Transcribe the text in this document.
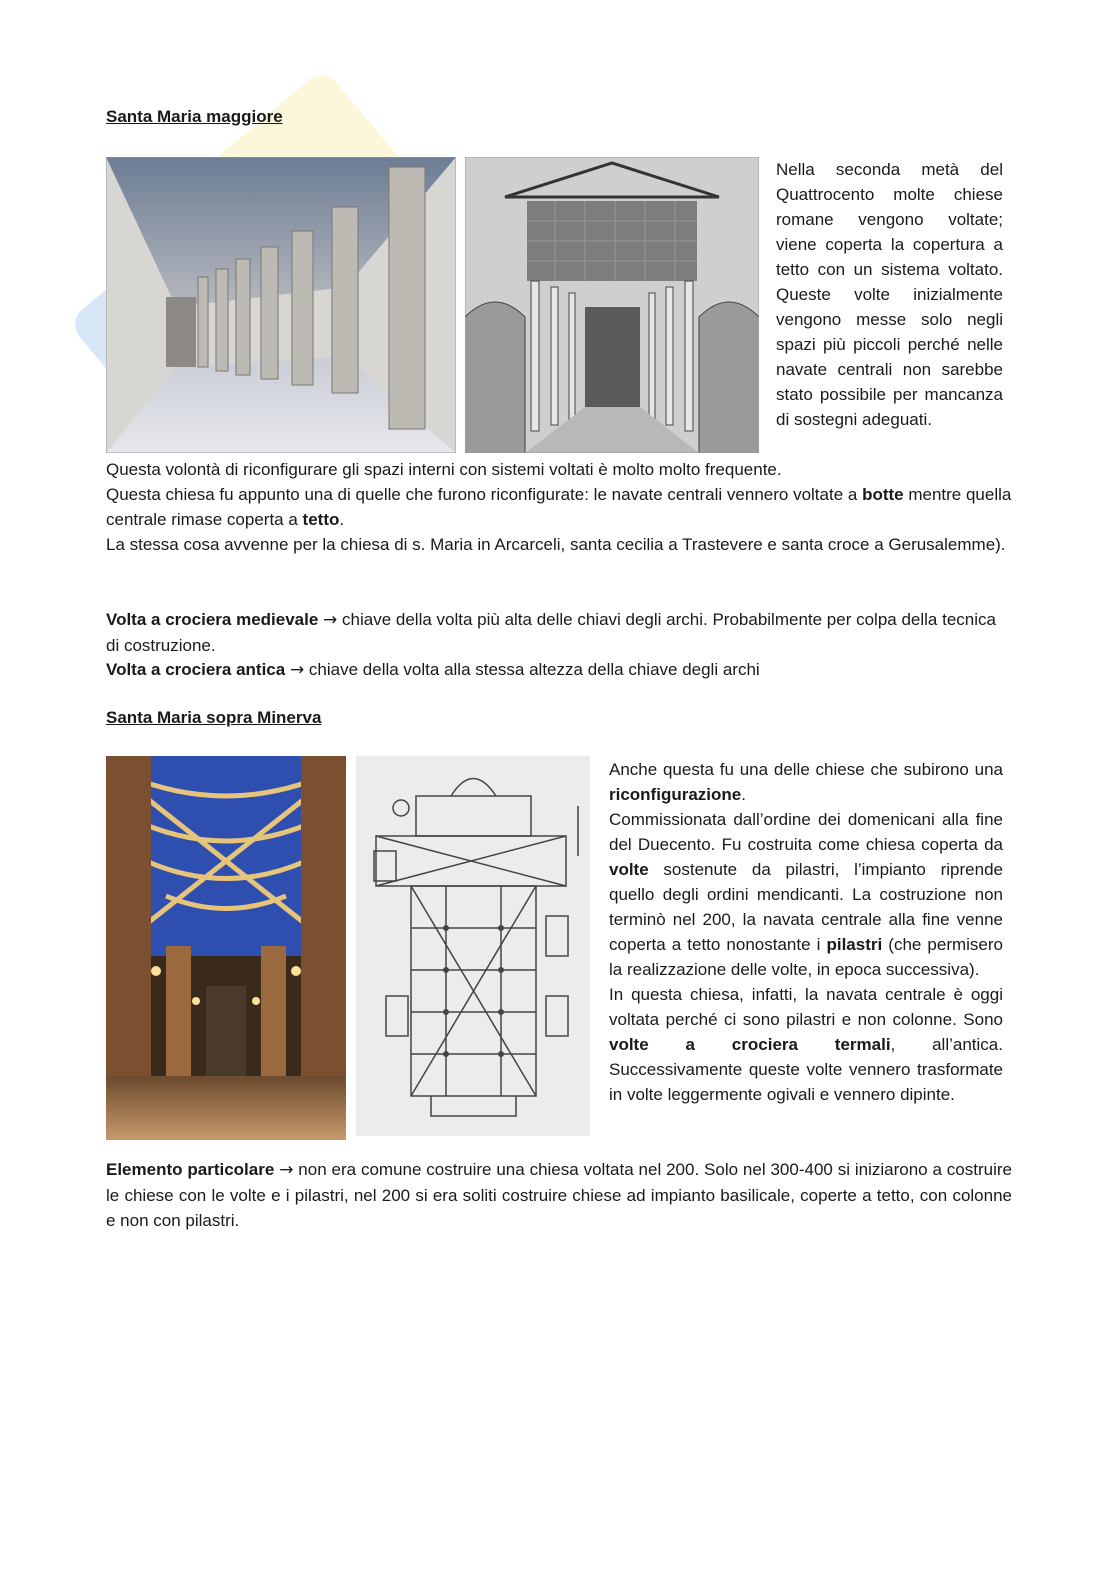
Santa Maria maggiore

Nella seconda metà del Quattrocento molte chiese romane vengono voltate; viene coperta la copertura a tetto con un sistema voltato. Queste volte inizialmente vengono messe solo negli spazi più piccoli perché nelle navate centrali non sarebbe stato possibile per mancanza di sostegni adeguati.

Questa volontà di riconfigurare gli spazi interni con sistemi voltati è molto molto frequente.

Questa chiesa fu appunto una di quelle che furono riconfigurate: le navate centrali vennero voltate a botte mentre quella centrale rimase coperta a tetto.

La stessa cosa avvenne per la chiesa di s. Maria in Arcarceli, santa cecilia a Trastevere e santa croce a Gerusalemme).

Volta a crociera medievale → chiave della volta più alta delle chiavi degli archi. Probabilmente per colpa della tecnica di costruzione.

Volta a crociera antica → chiave della volta alla stessa altezza della chiave degli archi

Santa Maria sopra Minerva

Anche questa fu una delle chiese che subirono una riconfigurazione.

Commissionata dall’ordine dei domenicani alla fine del Duecento. Fu costruita come chiesa coperta da volte sostenute da pilastri, l’impianto riprende quello degli ordini mendicanti. La costruzione non terminò nel 200, la navata centrale alla fine venne coperta a tetto nonostante i pilastri (che permisero la realizzazione delle volte, in epoca successiva).

In questa chiesa, infatti, la navata centrale è oggi voltata perché ci sono pilastri e non colonne. Sono volte a crociera termali, all’antica. Successivamente queste volte vennero trasformate in volte leggermente ogivali e vennero dipinte.

Elemento particolare → non era comune costruire una chiesa voltata nel 200. Solo nel 300-400 si iniziarono a costruire le chiese con le volte e i pilastri, nel 200 si era soliti costruire chiese ad impianto basilicale, coperte a tetto, con colonne e non con pilastri.
